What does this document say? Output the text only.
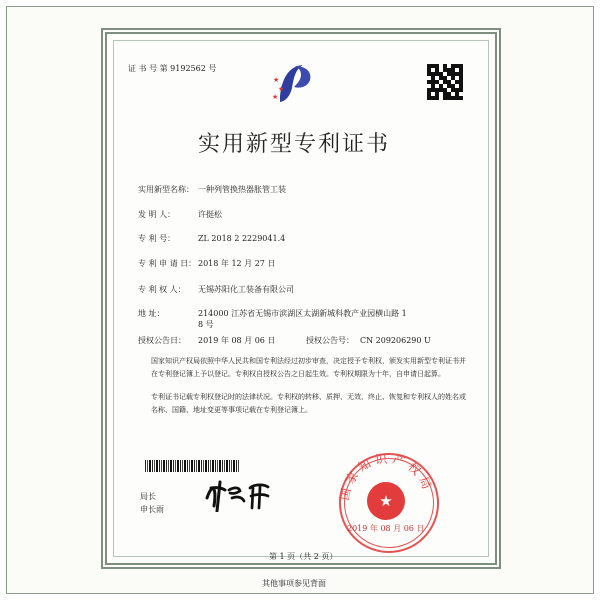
证 书 号 第 9192562 号
★
★
★
实用新型专利证书
实用新型名称： 一种列管换热器胀管工装
发 明 人：	许挺松
专 利 号：	ZL 2018 2 2229041.4
专 利 申 请 日： 2018 年 12 月 27 日
专 利 权 人： 无锡苏阳化工装备有限公司
地 址：	214000 江苏省无锡市滨湖区太湖新城科教产业园横山路 1
8 号
授权公告日： 2019 年 08 月 06 日	授权公告号： CN 209206290 U
国家知识产权局依照中华人民共和国专利法经过初步审查，决定授予专利权，颁发实用新型专利证书并在专利登记簿上予以登记。专利权自授权公告之日起生效。专利权期限为十年，自申请日起算。
专利证书记载专利权登记时的法律状况。专利权的转移、质押、无效、终止、恢复和专利权人的姓名或名称、国籍、地址变更等事项记载在专利登记簿上。
局长
申长雨
国家知识产权局
★
2019 年 08 月 06 日
第 1 页（共 2 页）
其他事项参见背面
